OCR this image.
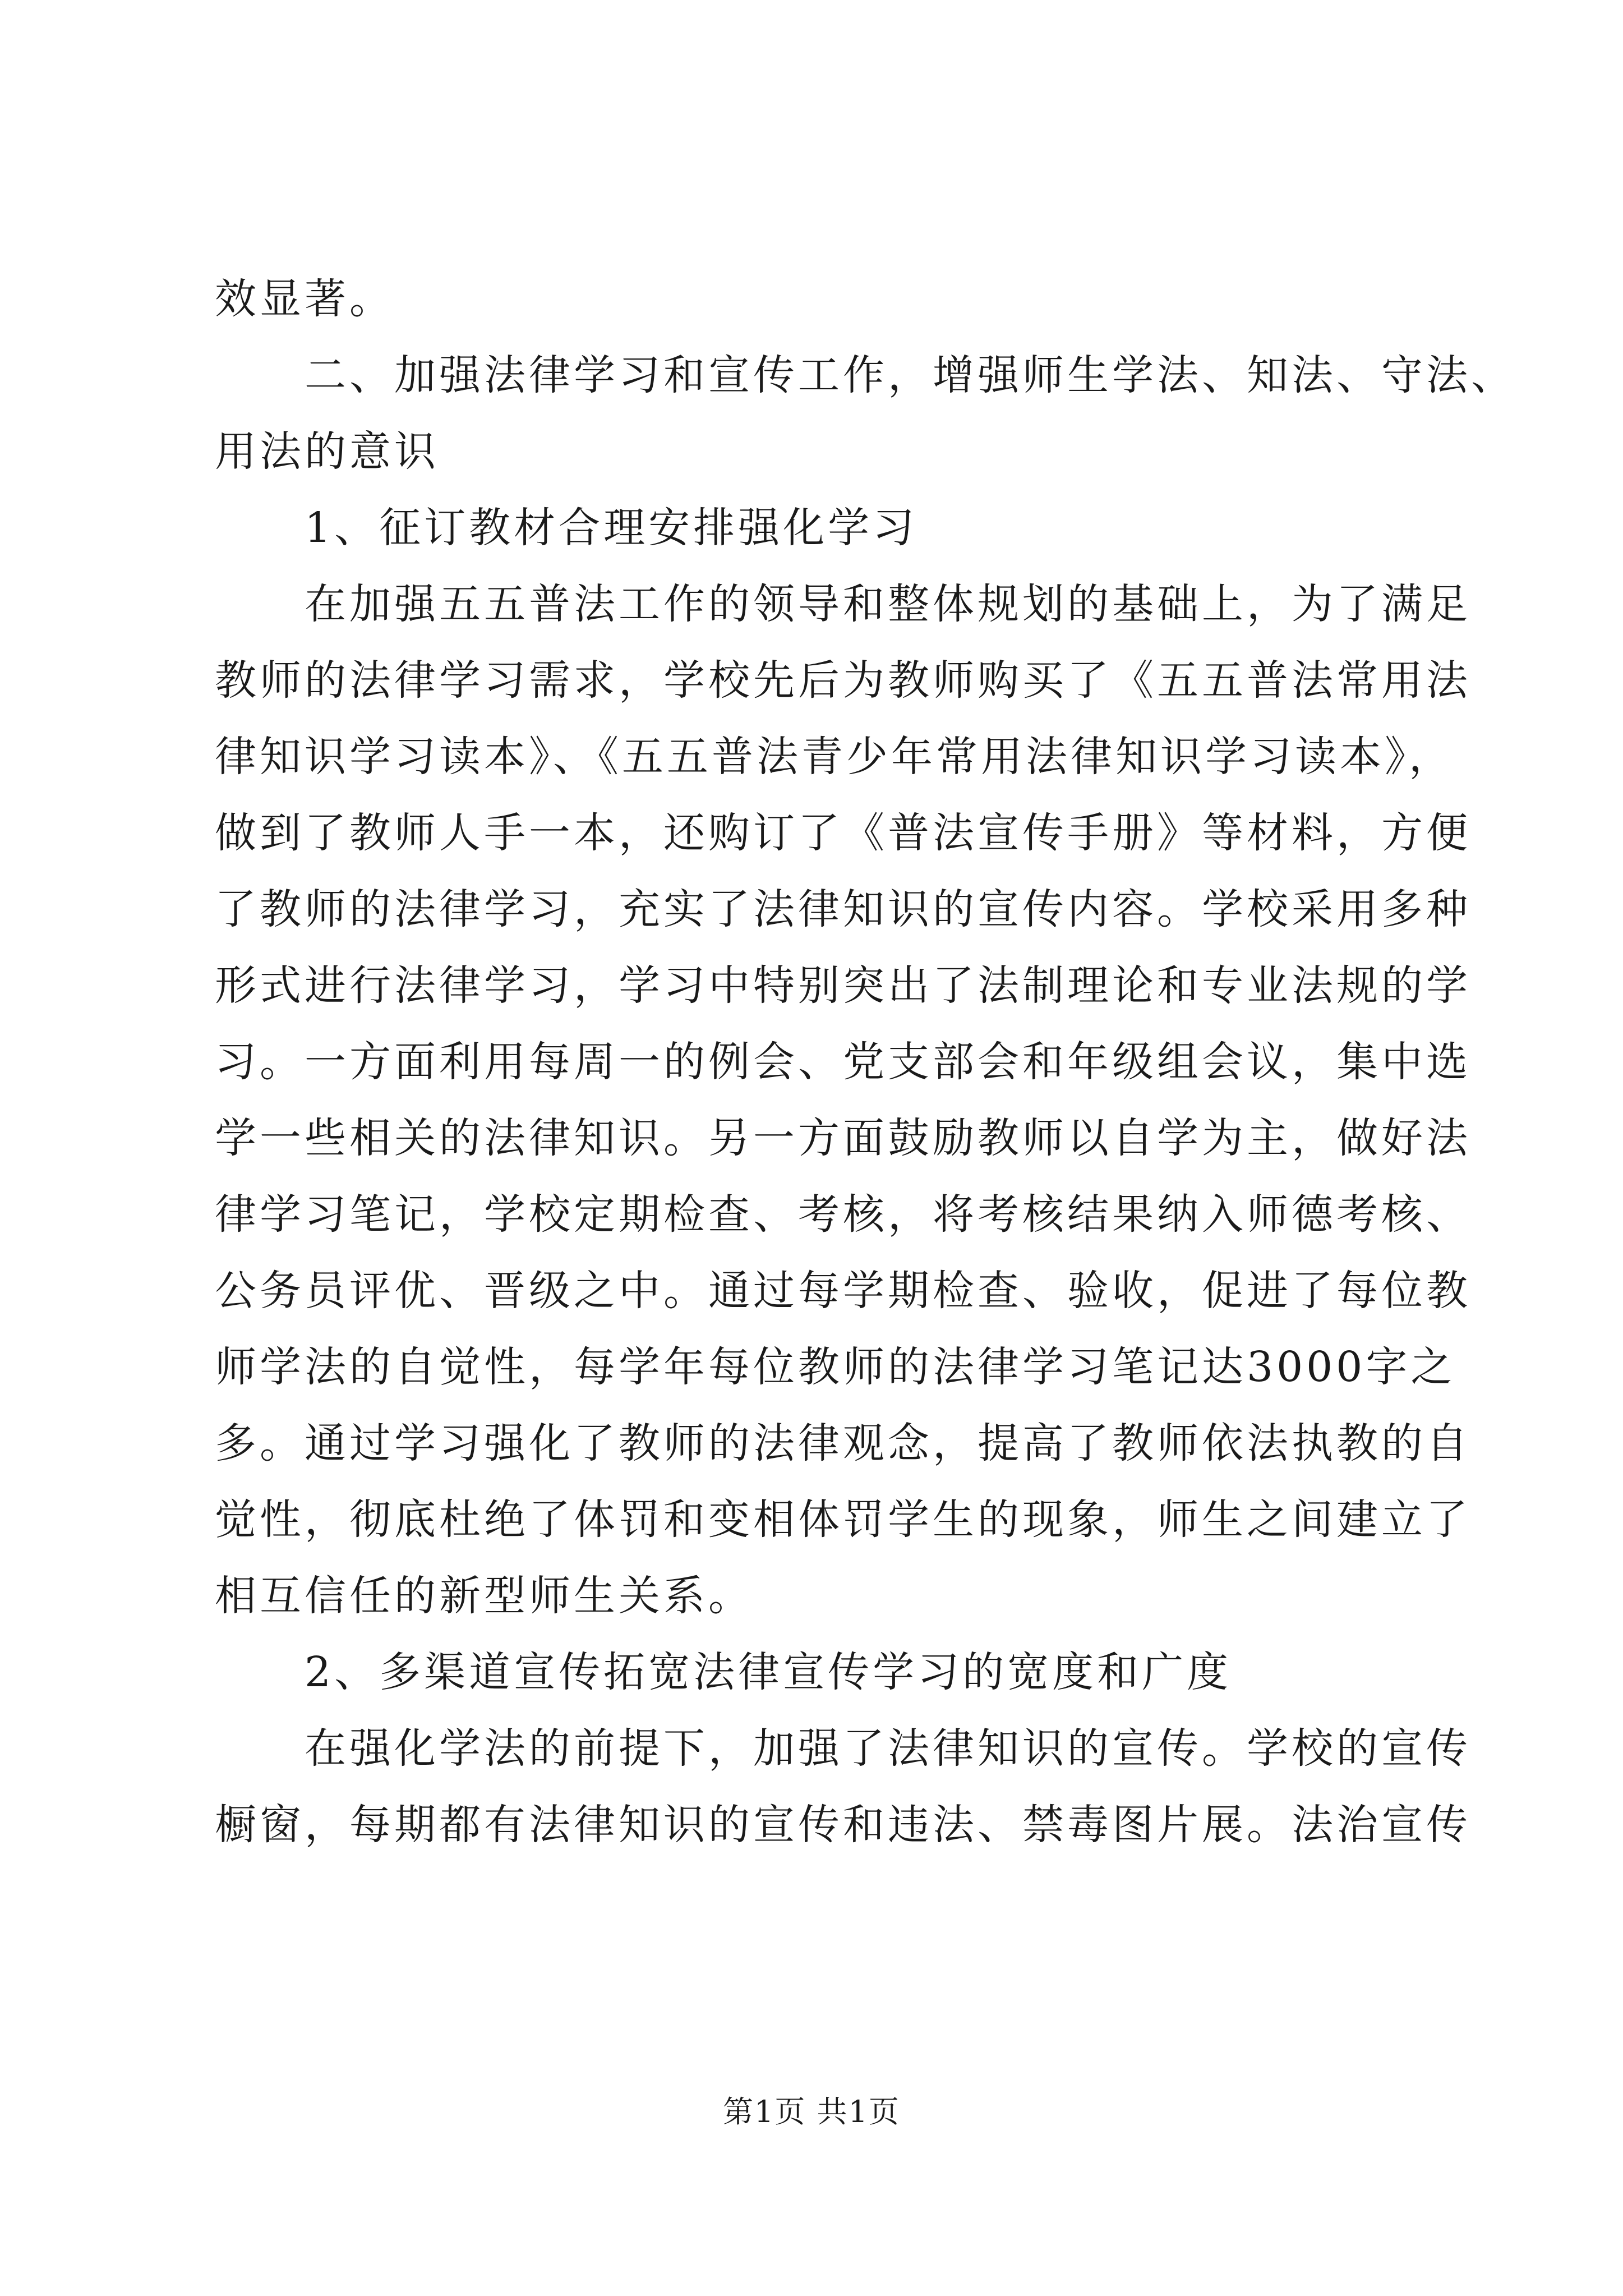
效显著。
二、加强法律学习和宣传工作，增强师生学法、知法、守法、
用法的意识
1、征订教材合理安排强化学习
在加强五五普法工作的领导和整体规划的基础上，为了满足
教师的法律学习需求，学校先后为教师购买了《五五普法常用法
律知识学习读本》、《五五普法青少年常用法律知识学习读本》，
做到了教师人手一本，还购订了《普法宣传手册》等材料，方便
了教师的法律学习，充实了法律知识的宣传内容。学校采用多种
形式进行法律学习，学习中特别突出了法制理论和专业法规的学
习。一方面利用每周一的例会、党支部会和年级组会议，集中选
学一些相关的法律知识。另一方面鼓励教师以自学为主，做好法
律学习笔记，学校定期检查、考核，将考核结果纳入师德考核、
公务员评优、晋级之中。通过每学期检查、验收，促进了每位教
师学法的自觉性，每学年每位教师的法律学习笔记达3000字之
多。通过学习强化了教师的法律观念，提高了教师依法执教的自
觉性，彻底杜绝了体罚和变相体罚学生的现象，师生之间建立了
相互信任的新型师生关系。
2、多渠道宣传拓宽法律宣传学习的宽度和广度
在强化学法的前提下，加强了法律知识的宣传。学校的宣传
橱窗，每期都有法律知识的宣传和违法、禁毒图片展。法治宣传
第1页 共1页
